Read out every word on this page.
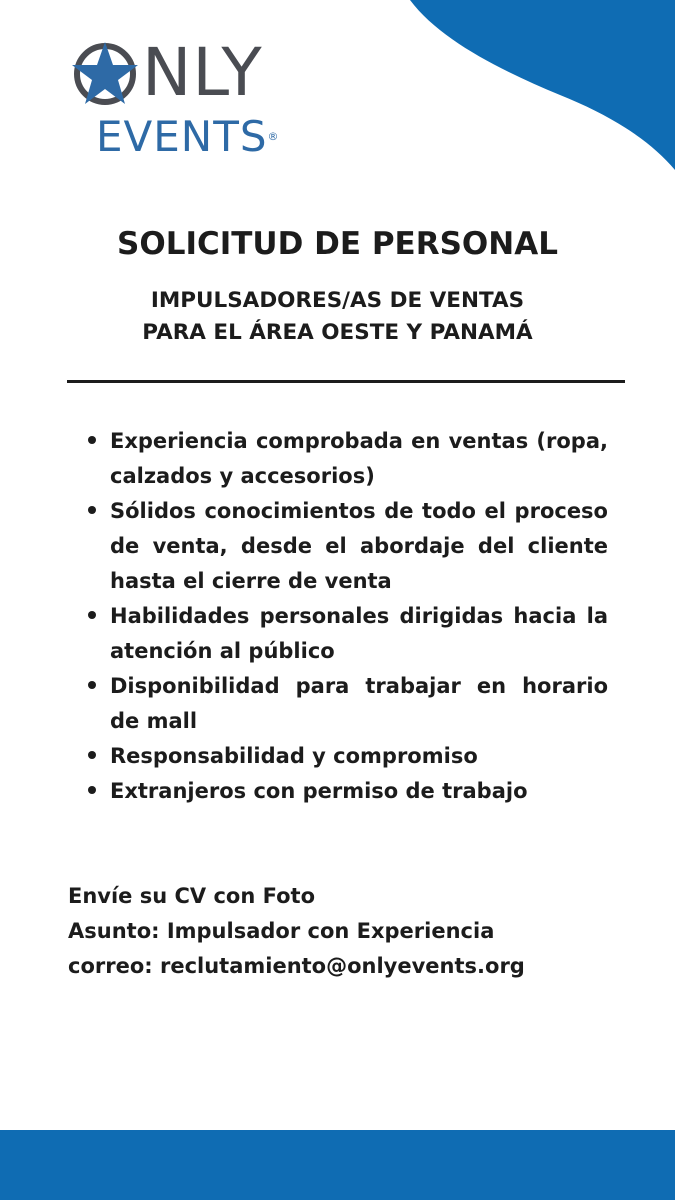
NLY
EVENTS®
SOLICITUD DE PERSONAL
IMPULSADORES/AS DE VENTAS
PARA EL ÁREA OESTE Y PANAMÁ
Experiencia comprobada en ventas (ropa, calzados y accesorios)
Sólidos conocimientos de todo el proceso de venta, desde el abordaje del cliente hasta el cierre de venta
Habilidades personales dirigidas hacia la atención al público
Disponibilidad para trabajar en horario de mall
Responsabilidad y compromiso
Extranjeros con permiso de trabajo
Envíe su CV con Foto
Asunto: Impulsador con Experiencia
correo: reclutamiento@onlyevents.org
